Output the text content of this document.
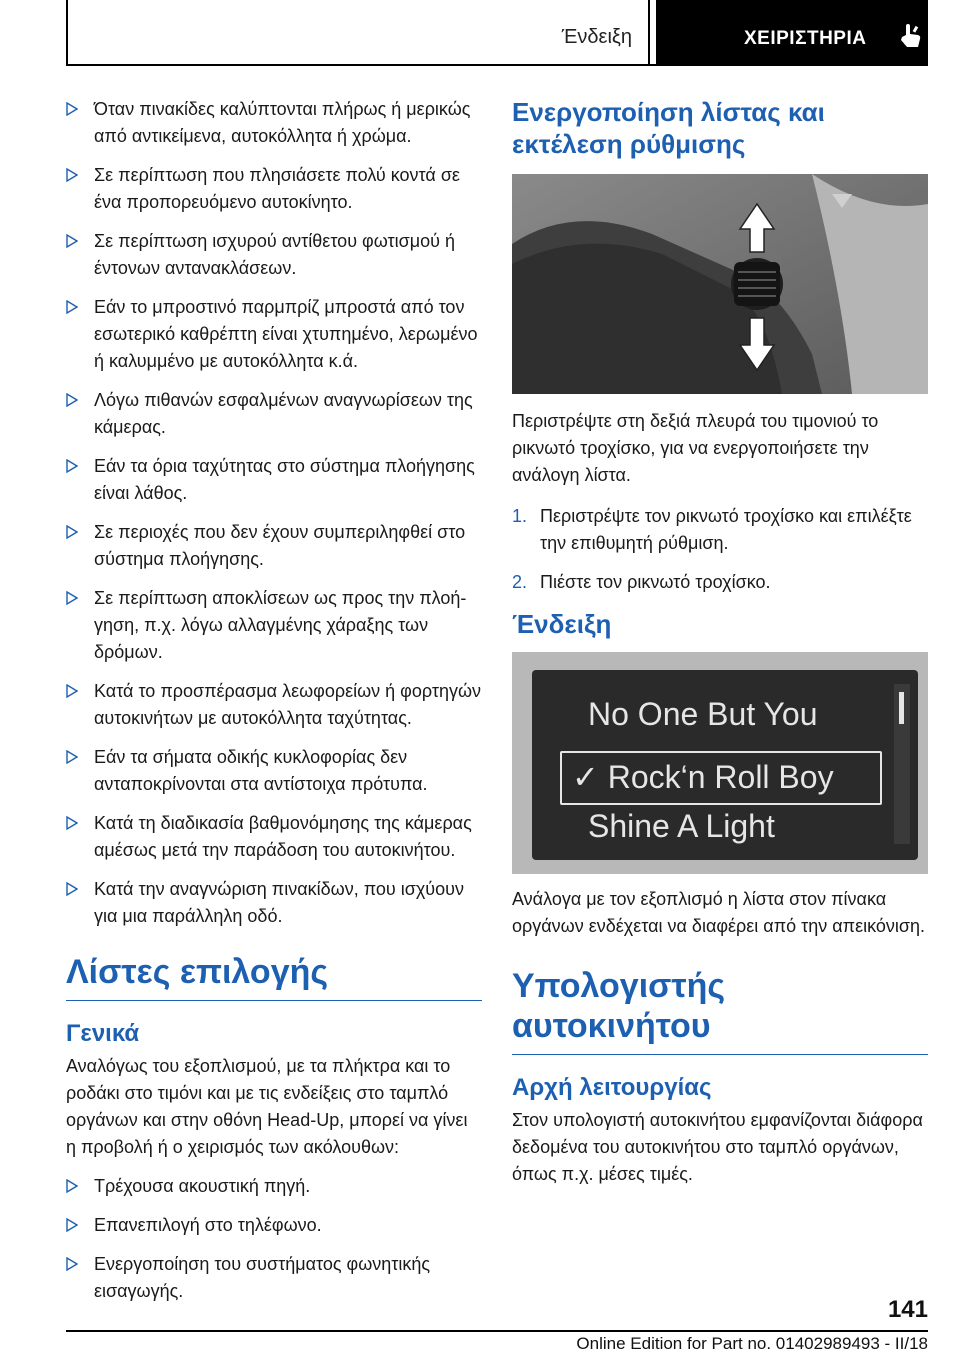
Ένδειξη	ΧΕΙΡΙΣΤΗΡΙΑ
Όταν πινακίδες καλύπτονται πλήρως ή μερικώς από αντικείμενα, αυτοκόλλητα ή χρώμα.
Σε περίπτωση που πλησιάσετε πολύ κοντά σε ένα προπορευόμενο αυτοκίνητο.
Σε περίπτωση ισχυρού αντίθετου φωτισμού ή έντονων αντανακλάσεων.
Εάν το μπροστινό παρμπρίζ μπροστά από τον εσωτερικό καθρέπτη είναι χτυπημένο, λερωμένο ή καλυμμένο με αυτοκόλλητα κ.ά.
Λόγω πιθανών εσφαλμένων αναγνωρίσεων της κάμερας.
Εάν τα όρια ταχύτητας στο σύστημα πλοήγησης είναι λάθος.
Σε περιοχές που δεν έχουν συμπεριληφθεί στο σύστημα πλοήγησης.
Σε περίπτωση αποκλίσεων ως προς την πλοήγηση, π.χ. λόγω αλλαγμένης χάραξης των δρόμων.
Κατά το προσπέρασμα λεωφορείων ή φορτηγών αυτοκινήτων με αυτοκόλλητα ταχύτητας.
Εάν τα σήματα οδικής κυκλοφορίας δεν ανταποκρίνονται στα αντίστοιχα πρότυπα.
Κατά τη διαδικασία βαθμονόμησης της κάμερας αμέσως μετά την παράδοση του αυτοκινήτου.
Κατά την αναγνώριση πινακίδων, που ισχύουν για μια παράλληλη οδό.
Λίστες επιλογής
Γενικά

Αναλόγως του εξοπλισμού, με τα πλήκτρα και το ροδάκι στο τιμόνι και με τις ενδείξεις στο ταμπλό οργάνων και στην οθόνη Head-Up, μπορεί να γίνει η προβολή ή ο χειρισμός των ακόλουθων:

Τρέχουσα ακουστική πηγή.
Επανεπιλογή στο τηλέφωνο.
Ενεργοποίηση του συστήματος φωνητικής εισαγωγής.
Ενεργοποίηση λίστας και εκτέλεση ρύθμισης

Περιστρέψτε στη δεξιά πλευρά του τιμονιού το ρικνωτό τροχίσκο, για να ενεργοποιήσετε την ανάλογη λίστα.

1. Περιστρέψτε τον ρικνωτό τροχίσκο και επιλέξτε την επιθυμητή ρύθμιση.
2. Πιέστε τον ρικνωτό τροχίσκο.
Ένδειξη
No One But You
✓ Rock‘n Roll Boy
Shine A Light

Ανάλογα με τον εξοπλισμό η λίστα στον πίνακα οργάνων ενδέχεται να διαφέρει από την απεικόνιση.

Υπολογιστής αυτοκινήτου
Αρχή λειτουργίας

Στον υπολογιστή αυτοκινήτου εμφανίζονται διάφορα δεδομένα του αυτοκινήτου στο ταμπλό οργάνων, όπως π.χ. μέσες τιμές.

141
Online Edition for Part no. 01402989493 - II/18
